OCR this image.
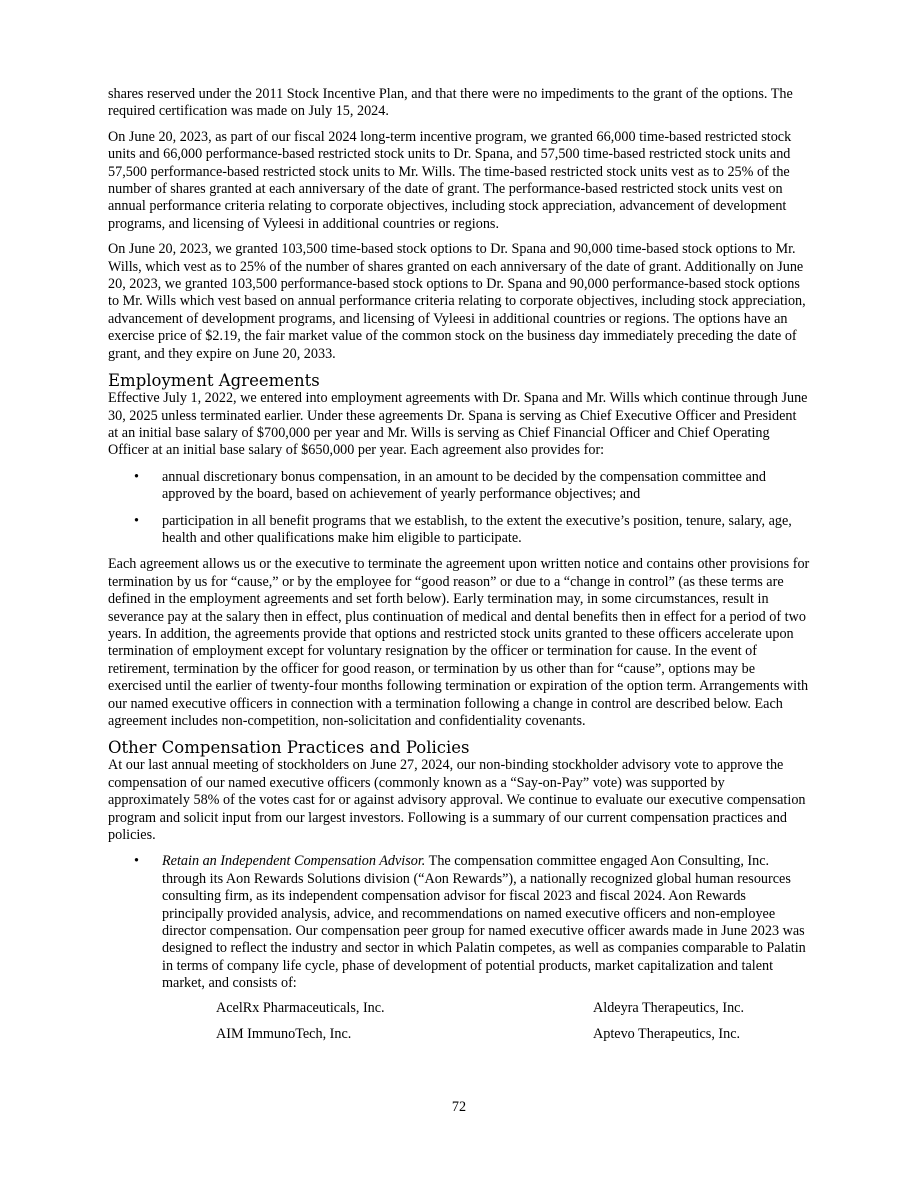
shares reserved under the 2011 Stock Incentive Plan, and that there were no impediments to the grant of the options. The required certification was made on July 15, 2024.

On June 20, 2023, as part of our fiscal 2024 long-term incentive program, we granted 66,000 time-based restricted stock units and 66,000 performance-based restricted stock units to Dr. Spana, and 57,500 time-based restricted stock units and 57,500 performance-based restricted stock units to Mr. Wills. The time-based restricted stock units vest as to 25% of the number of shares granted at each anniversary of the date of grant. The performance-based restricted stock units vest on annual performance criteria relating to corporate objectives, including stock appreciation, advancement of development programs, and licensing of Vyleesi in additional countries or regions.

On June 20, 2023, we granted 103,500 time-based stock options to Dr. Spana and 90,000 time-based stock options to Mr. Wills, which vest as to 25% of the number of shares granted on each anniversary of the date of grant. Additionally on June 20, 2023, we granted 103,500 performance-based stock options to Dr. Spana and 90,000 performance-based stock options to Mr. Wills which vest based on annual performance criteria relating to corporate objectives, including stock appreciation, advancement of development programs, and licensing of Vyleesi in additional countries or regions. The options have an exercise price of $2.19, the fair market value of the common stock on the business day immediately preceding the date of grant, and they expire on June 20, 2033.

Employment Agreements

Effective July 1, 2022, we entered into employment agreements with Dr. Spana and Mr. Wills which continue through June 30, 2025 unless terminated earlier. Under these agreements Dr. Spana is serving as Chief Executive Officer and President at an initial base salary of $700,000 per year and Mr. Wills is serving as Chief Financial Officer and Chief Operating Officer at an initial base salary of $650,000 per year. Each agreement also provides for:

• annual discretionary bonus compensation, in an amount to be decided by the compensation committee and approved by the board, based on achievement of yearly performance objectives; and
• participation in all benefit programs that we establish, to the extent the executive’s position, tenure, salary, age, health and other qualifications make him eligible to participate.

Each agreement allows us or the executive to terminate the agreement upon written notice and contains other provisions for termination by us for “cause,” or by the employee for “good reason” or due to a “change in control” (as these terms are defined in the employment agreements and set forth below). Early termination may, in some circumstances, result in severance pay at the salary then in effect, plus continuation of medical and dental benefits then in effect for a period of two years. In addition, the agreements provide that options and restricted stock units granted to these officers accelerate upon termination of employment except for voluntary resignation by the officer or termination for cause. In the event of retirement, termination by the officer for good reason, or termination by us other than for “cause”, options may be exercised until the earlier of twenty-four months following termination or expiration of the option term. Arrangements with our named executive officers in connection with a termination following a change in control are described below. Each agreement includes non-competition, non-solicitation and confidentiality covenants.

Other Compensation Practices and Policies

At our last annual meeting of stockholders on June 27, 2024, our non-binding stockholder advisory vote to approve the compensation of our named executive officers (commonly known as a “Say-on-Pay” vote) was supported by approximately 58% of the votes cast for or against advisory approval. We continue to evaluate our executive compensation program and solicit input from our largest investors. Following is a summary of our current compensation practices and policies.

• Retain an Independent Compensation Advisor. The compensation committee engaged Aon Consulting, Inc. through its Aon Rewards Solutions division (“Aon Rewards”), a nationally recognized global human resources consulting firm, as its independent compensation advisor for fiscal 2023 and fiscal 2024. Aon Rewards principally provided analysis, advice, and recommendations on named executive officers and non-employee director compensation. Our compensation peer group for named executive officer awards made in June 2023 was designed to reflect the industry and sector in which Palatin competes, as well as companies comparable to Palatin in terms of company life cycle, phase of development of potential products, market capitalization and talent market, and consists of:
AcelRx Pharmaceuticals, Inc.	Aldeyra Therapeutics, Inc.
AIM ImmunoTech, Inc.	Aptevo Therapeutics, Inc.
72
